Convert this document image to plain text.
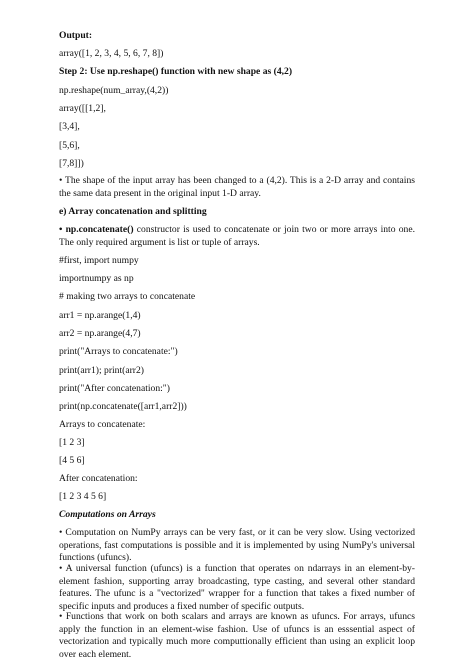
Output:
array([1, 2, 3, 4, 5, 6, 7, 8])
Step 2: Use np.reshape() function with new shape as (4,2)
np.reshape(num_array,(4,2))
array([[1,2],
[3,4],
[5,6],
[7,8]])
• The shape of the input array has been changed to a (4,2). This is a 2-D array and contains the same data present in the original input 1-D array.
e) Array concatenation and splitting
• np.concatenate() constructor is used to concatenate or join two or more arrays into one. The only required argument is list or tuple of arrays.
#first, import numpy
importnumpy as np
# making two arrays to concatenate
arr1 = np.arange(1,4)
arr2 = np.arange(4,7)
print("Arrays to concatenate:")
print(arr1); print(arr2)
print("After concatenation:")
print(np.concatenate([arr1,arr2]))
Arrays to concatenate:
[1 2 3]
[4 5 6]
After concatenation:
[1 2 3 4 5 6]
Computations on Arrays
• Computation on NumPy arrays can be very fast, or it can be very slow. Using vectorized operations, fast computations is possible and it is implemented by using NumPy's universal functions (ufuncs).
• A universal function (ufuncs) is a function that operates on ndarrays in an element-by- element fashion, supporting array broadcasting, type casting, and several other standard features. The ufunc is a "vectorized" wrapper for a function that takes a fixed number of specific inputs and produces a fixed number of specific outputs.
• Functions that work on both scalars and arrays are known as ufuncs. For arrays, ufuncs apply the function in an element-wise fashion. Use of ufuncs is an esssential aspect of vectorization and typically much more computtionally efficient than using an explicit loop over each element.
